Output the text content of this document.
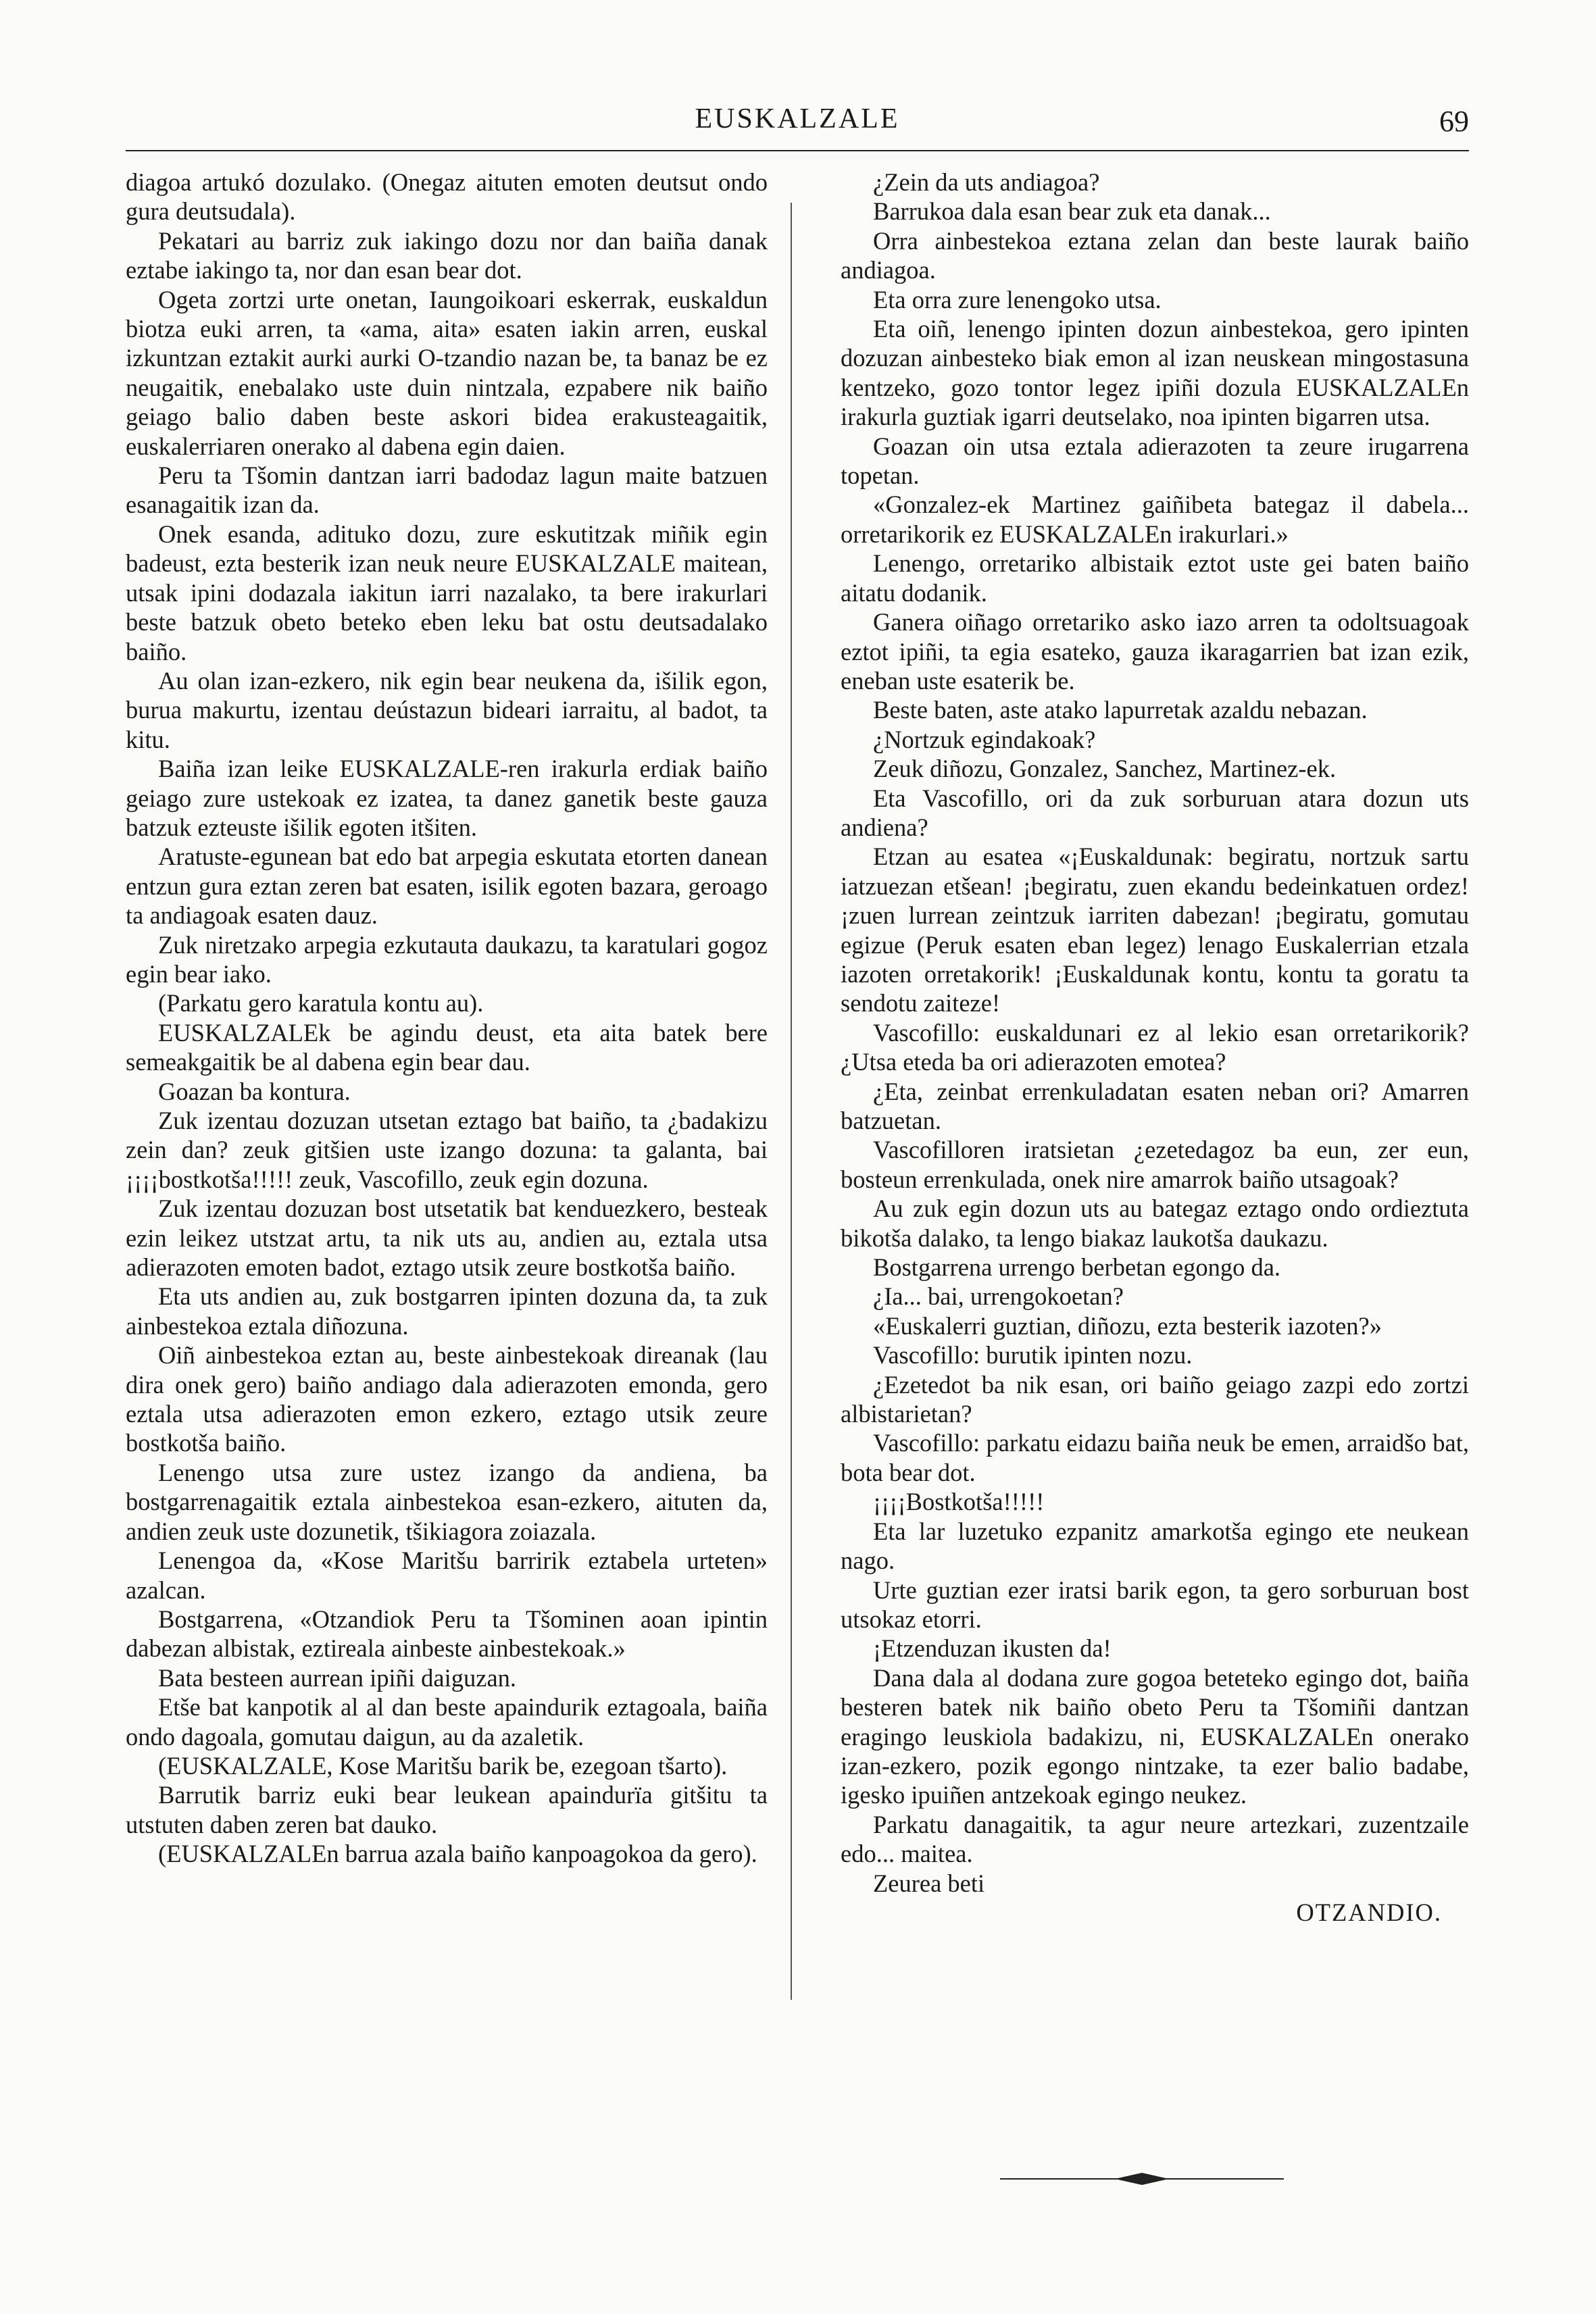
EUSKALZALE	69

diagoa artukó dozulako. (Onegaz aituten emoten deutsut ondo gura deutsudala).

Pekatari au barriz zuk iakingo dozu nor dan baiña danak eztabe iakingo ta, nor dan esan bear dot.

Ogeta zortzi urte onetan, Iaungoikoari eskerrak, euskaldun biotza euki arren, ta «ama, aita» esaten iakin arren, euskal izkuntzan eztakit aurki aurki O-tzandio nazan be, ta banaz be ez neugaitik, enebalako uste duin nintzala, ezpabere nik baiño geiago balio daben beste askori bidea erakusteagaitik, euskalerriaren onerako al dabena egin daien.

Peru ta Tšomin dantzan iarri badodaz lagun maite batzuen esanagaitik izan da.

Onek esanda, adituko dozu, zure eskutitzak miñik egin badeust, ezta besterik izan neuk neure EUSKALZALE maitean, utsak ipini dodazala iakitun iarri nazalako, ta bere irakurlari beste batzuk obeto beteko eben leku bat ostu deutsadalako baiño.

Au olan izan-ezkero, nik egin bear neukena da, išilik egon, burua makurtu, izentau deústazun bideari iarraitu, al badot, ta kitu.

Baiña izan leike EUSKALZALE-ren irakurla erdiak baiño geiago zure ustekoak ez izatea, ta danez ganetik beste gauza batzuk ezteuste išilik egoten itšiten.

Aratuste-egunean bat edo bat arpegia eskutata etorten danean entzun gura eztan zeren bat esaten, isilik egoten bazara, geroago ta andiagoak esaten dauz.

Zuk niretzako arpegia ezkutauta daukazu, ta karatulari gogoz egin bear iako.

(Parkatu gero karatula kontu au).

EUSKALZALEk be agindu deust, eta aita batek bere semeakgaitik be al dabena egin bear dau.

Goazan ba kontura.

Zuk izentau dozuzan utsetan eztago bat baiño, ta ¿badakizu zein dan? zeuk gitšien uste izango dozuna: ta galanta, bai ¡¡¡¡bostkotša!!!!! zeuk, Vascofillo, zeuk egin dozuna.

Zuk izentau dozuzan bost utsetatik bat kenduezkero, besteak ezin leikez utstzat artu, ta nik uts au, andien au, eztala utsa adierazoten emoten badot, eztago utsik zeure bostkotša baiño.

Eta uts andien au, zuk bostgarren ipinten dozuna da, ta zuk ainbestekoa eztala diñozuna.

Oiñ ainbestekoa eztan au, beste ainbestekoak direanak (lau dira onek gero) baiño andiago dala adierazoten emonda, gero eztala utsa adierazoten emon ezkero, eztago utsik zeure bostkotša baiño.

Lenengo utsa zure ustez izango da andiena, ba bostgarrenagaitik eztala ainbestekoa esan-ezkero, aituten da, andien zeuk uste dozunetik, tšikiagora zoiazala.

Lenengoa da, «Kose Maritšu barririk eztabela urteten» azalcan.

Bostgarrena, «Otzandiok Peru ta Tšominen aoan ipintin dabezan albistak, eztireala ainbeste ainbestekoak.»

Bata besteen aurrean ipiñi daiguzan.

Etše bat kanpotik al al dan beste apaindurik eztagoala, baiña ondo dagoala, gomutau daigun, au da azaletik.

(EUSKALZALE, Kose Maritšu barik be, ezegoan tšarto).

Barrutik barriz euki bear leukean apaindurïa gitšitu ta utstuten daben zeren bat dauko.

(EUSKALZALEn barrua azala baiño kanpoagokoa da gero).

¿Zein da uts andiagoa?

Barrukoa dala esan bear zuk eta danak...

Orra ainbestekoa eztana zelan dan beste laurak baiño andiagoa.

Eta orra zure lenengoko utsa.

Eta oiñ, lenengo ipinten dozun ainbestekoa, gero ipinten dozuzan ainbesteko biak emon al izan neuskean mingostasuna kentzeko, gozo tontor legez ipiñi dozula EUSKALZALEn irakurla guztiak igarri deutselako, noa ipinten bigarren utsa.

Goazan oin utsa eztala adierazoten ta zeure irugarrena topetan.

«Gonzalez-ek Martinez gaiñibeta bategaz il dabela... orretarikorik ez EUSKALZALEn irakurlari.»

Lenengo, orretariko albistaik eztot uste gei baten baiño aitatu dodanik.

Ganera oiñago orretariko asko iazo arren ta odoltsuagoak eztot ipiñi, ta egia esateko, gauza ikaragarrien bat izan ezik, eneban uste esaterik be.

Beste baten, aste atako lapurretak azaldu nebazan.

¿Nortzuk egindakoak?

Zeuk diñozu, Gonzalez, Sanchez, Martinez-ek.

Eta Vascofillo, ori da zuk sorburuan atara dozun uts andiena?

Etzan au esatea «¡Euskaldunak: begiratu, nortzuk sartu iatzuezan etšean! ¡begiratu, zuen ekandu bedeinkatuen ordez! ¡zuen lurrean zeintzuk iarriten dabezan! ¡begiratu, gomutau egizue (Peruk esaten eban legez) lenago Euskalerrian etzala iazoten orretakorik! ¡Euskaldunak kontu, kontu ta goratu ta sendotu zaiteze!

Vascofillo: euskaldunari ez al lekio esan orretarikorik? ¿Utsa eteda ba ori adierazoten emotea?

¿Eta, zeinbat errenkuladatan esaten neban ori? Amarren batzuetan.

Vascofilloren iratsietan ¿ezetedagoz ba eun, zer eun, bosteun errenkulada, onek nire amarrok baiño utsagoak?

Au zuk egin dozun uts au bategaz eztago ondo ordieztuta bikotša dalako, ta lengo biakaz laukotša daukazu.

Bostgarrena urrengo berbetan egongo da.

¿Ia... bai, urrengokoetan?

«Euskalerri guztian, diñozu, ezta besterik iazoten?»

Vascofillo: burutik ipinten nozu.

¿Ezetedot ba nik esan, ori baiño geiago zazpi edo zortzi albistarietan?

Vascofillo: parkatu eidazu baiña neuk be emen, arraidšo bat, bota bear dot.

¡¡¡¡Bostkotša!!!!!

Eta lar luzetuko ezpanitz amarkotša egingo ete neukean nago.

Urte guztian ezer iratsi barik egon, ta gero sorburuan bost utsokaz etorri.

¡Etzenduzan ikusten da!

Dana dala al dodana zure gogoa beteteko egingo dot, baiña besteren batek nik baiño obeto Peru ta Tšomiñi dantzan eragingo leuskiola badakizu, ni, EUSKALZALEn onerako izan-ezkero, pozik egongo nintzake, ta ezer balio badabe, igesko ipuiñen antzekoak egingo neukez.

Parkatu danagaitik, ta agur neure artezkari, zuzentzaile edo... maitea.

Zeurea beti

OTZANDIO.
